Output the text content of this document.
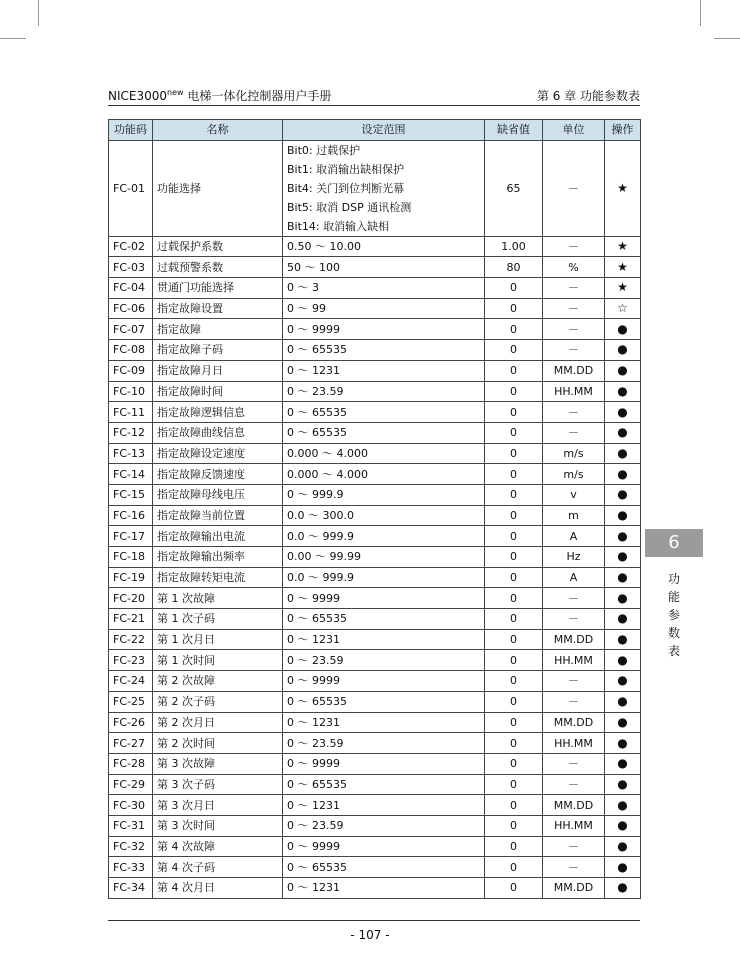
$NICE3000^{new}$ 电梯一体化控制器用户手册	第 6 章 功能参数表
功能码	名称	设定范围	缺省值	单位	操作
FC-01	功能选择	Bit0: 过载保护
Bit1: 取消输出缺相保护
Bit4: 关门到位判断光幕
Bit5: 取消 DSP 通讯检测
Bit14: 取消输入缺相	65	－	★
FC-02	过载保护系数	0.50 ～ 10.00	1.00	－	★
FC-03	过载预警系数	50 ～ 100	80	%	★
FC-04	贯通门功能选择	0 ～ 3	0	－	★
FC-06	指定故障设置	0 ～ 99	0	－	☆
FC-07	指定故障	0 ～ 9999	0	－	●
FC-08	指定故障子码	0 ～ 65535	0	－	●
FC-09	指定故障月日	0 ～ 1231	0	MM.DD	●
FC-10	指定故障时间	0 ～ 23.59	0	HH.MM	●
FC-11	指定故障逻辑信息	0 ～ 65535	0	－	●
FC-12	指定故障曲线信息	0 ～ 65535	0	－	●
FC-13	指定故障设定速度	0.000 ～ 4.000	0	m/s	●
FC-14	指定故障反馈速度	0.000 ～ 4.000	0	m/s	●
FC-15	指定故障母线电压	0 ～ 999.9	0	v	●
FC-16	指定故障当前位置	0.0 ～ 300.0	0	m	●
FC-17	指定故障输出电流	0.0 ～ 999.9	0	A	●
FC-18	指定故障输出频率	0.00 ～ 99.99	0	Hz	●
FC-19	指定故障转矩电流	0.0 ～ 999.9	0	A	●
FC-20	第 1 次故障	0 ～ 9999	0	－	●
FC-21	第 1 次子码	0 ～ 65535	0	－	●
FC-22	第 1 次月日	0 ～ 1231	0	MM.DD	●
FC-23	第 1 次时间	0 ～ 23.59	0	HH.MM	●
FC-24	第 2 次故障	0 ～ 9999	0	－	●
FC-25	第 2 次子码	0 ～ 65535	0	－	●
FC-26	第 2 次月日	0 ～ 1231	0	MM.DD	●
FC-27	第 2 次时间	0 ～ 23.59	0	HH.MM	●
FC-28	第 3 次故障	0 ～ 9999	0	－	●
FC-29	第 3 次子码	0 ～ 65535	0	－	●
FC-30	第 3 次月日	0 ～ 1231	0	MM.DD	●
FC-31	第 3 次时间	0 ～ 23.59	0	HH.MM	●
FC-32	第 4 次故障	0 ～ 9999	0	－	●
FC-33	第 4 次子码	0 ～ 65535	0	－	●
FC-34	第 4 次月日	0 ～ 1231	0	MM.DD	●
6
功
能
参
数
表
- 107 -
